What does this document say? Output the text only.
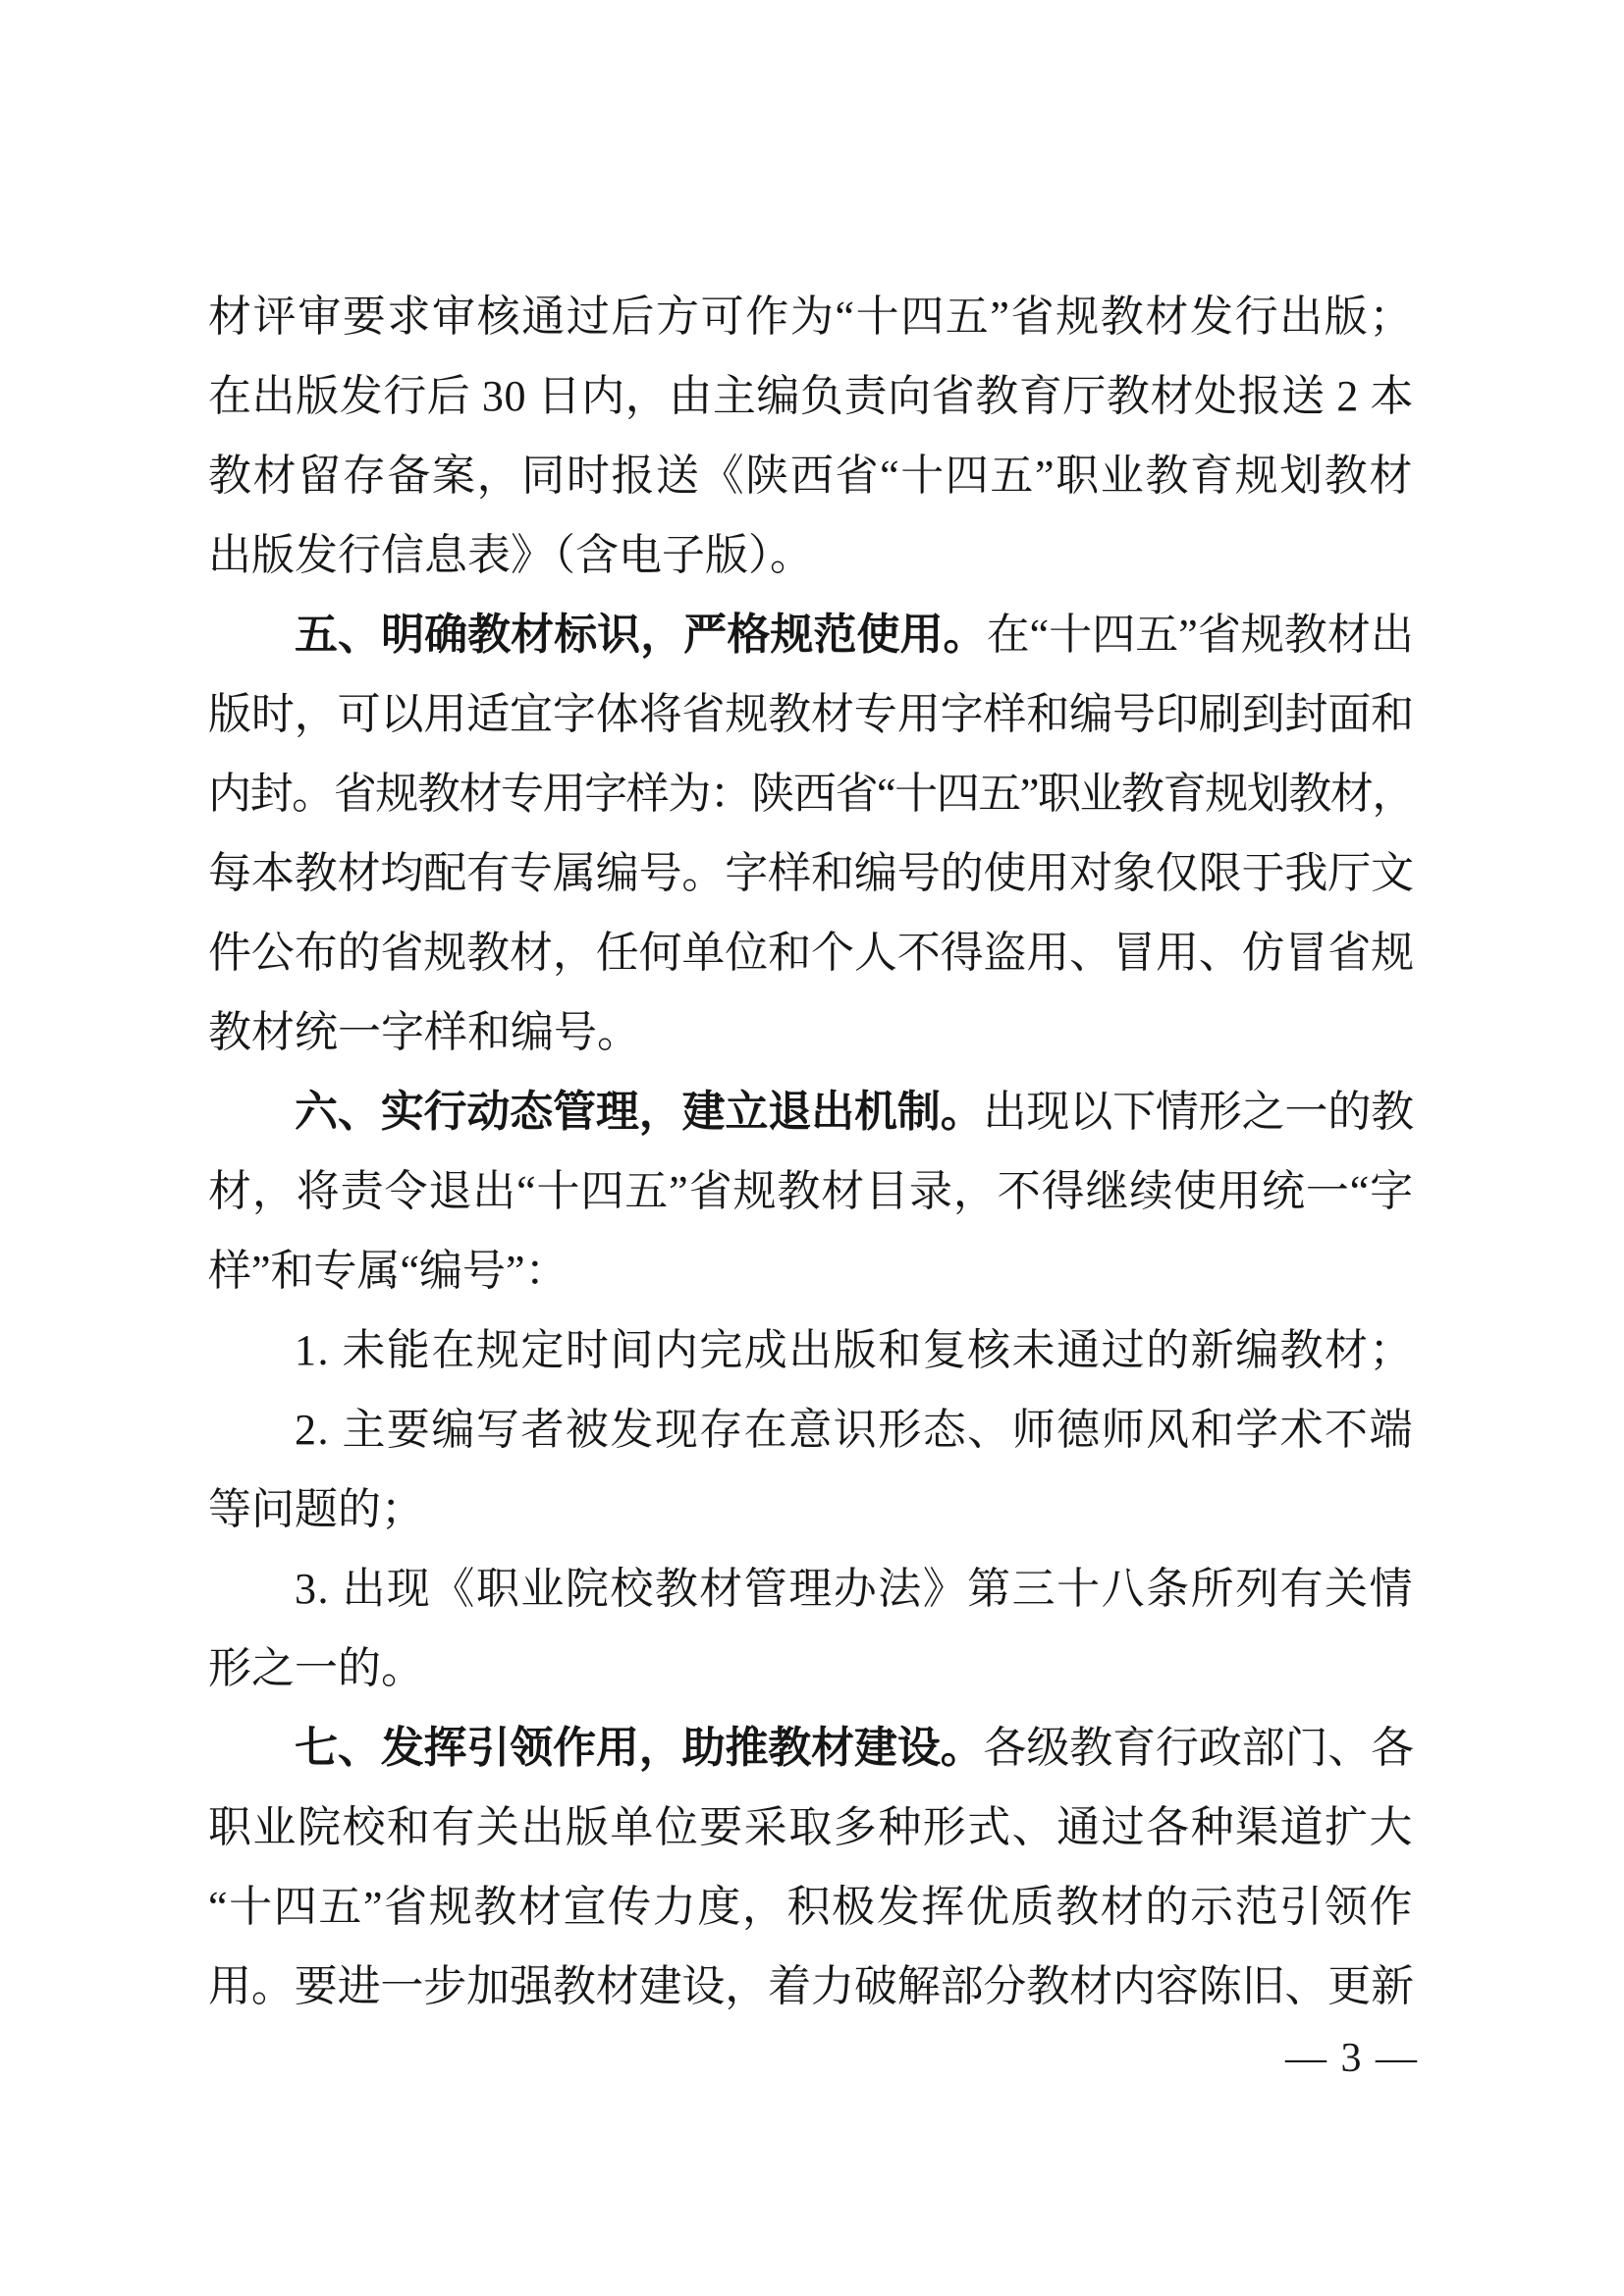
材评审要求审核通过后方可作为“十四五”省规教材发行出版；
在出版发行后 30 日内，由主编负责向省教育厅教材处报送 2 本
教材留存备案，同时报送《陕西省“十四五”职业教育规划教材
出版发行信息表》（含电子版）。
五、明确教材标识，严格规范使用。在“十四五”省规教材出
版时，可以用适宜字体将省规教材专用字样和编号印刷到封面和
内封。省规教材专用字样为：陕西省“十四五”职业教育规划教材，
每本教材均配有专属编号。字样和编号的使用对象仅限于我厅文
件公布的省规教材，任何单位和个人不得盗用、冒用、仿冒省规
教材统一字样和编号。
六、实行动态管理，建立退出机制。出现以下情形之一的教
材，将责令退出“十四五”省规教材目录，不得继续使用统一“字
样”和专属“编号”：
1. 未能在规定时间内完成出版和复核未通过的新编教材；
2. 主要编写者被发现存在意识形态、师德师风和学术不端
等问题的；
3. 出现《职业院校教材管理办法》第三十八条所列有关情
形之一的。
七、发挥引领作用，助推教材建设。各级教育行政部门、各
职业院校和有关出版单位要采取多种形式、通过各种渠道扩大
“十四五”省规教材宣传力度，积极发挥优质教材的示范引领作
用。要进一步加强教材建设，着力破解部分教材内容陈旧、更新
— 3 —
